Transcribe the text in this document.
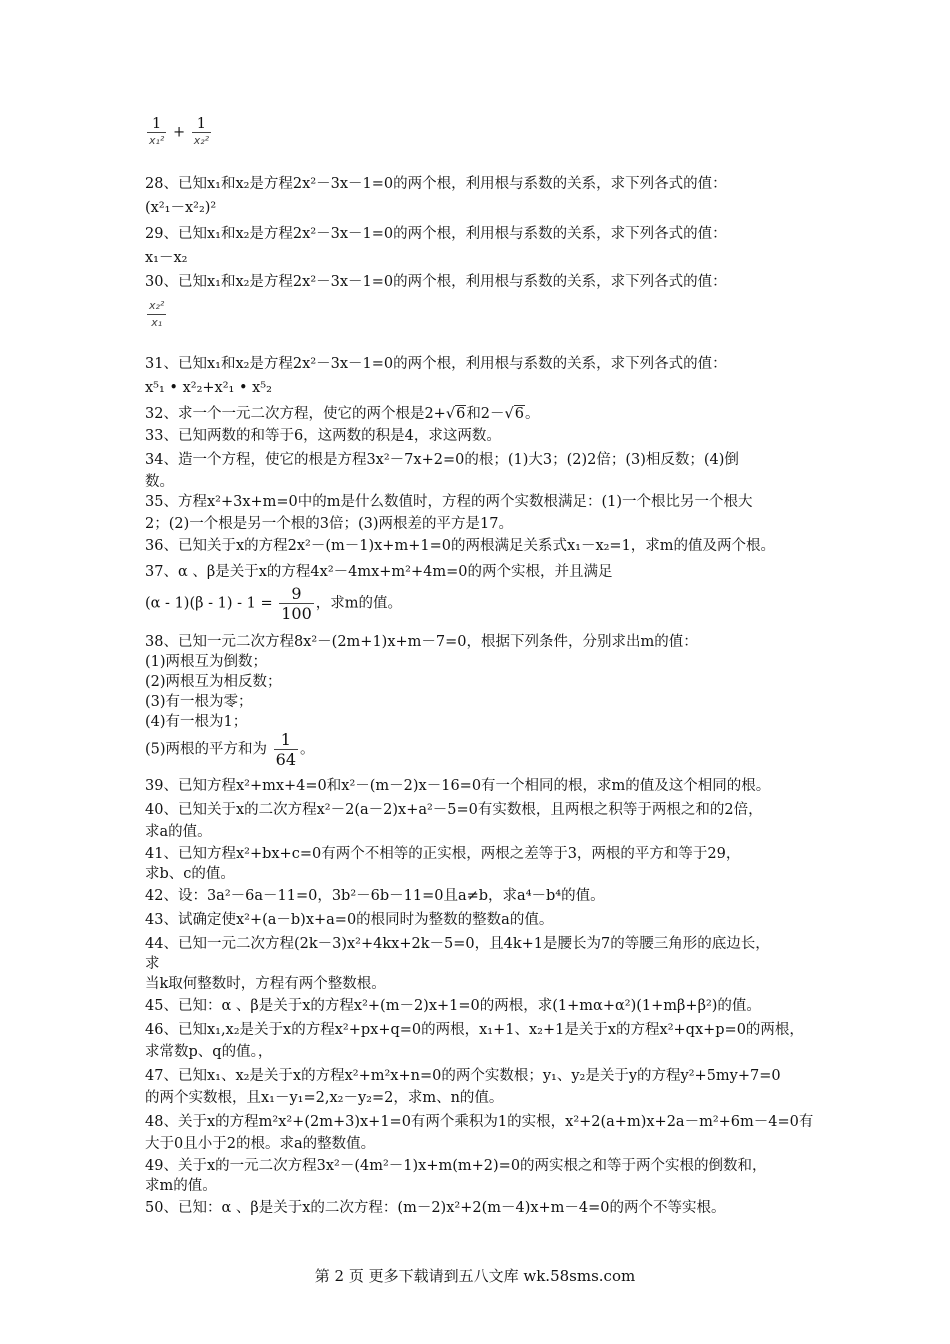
$\frac{1}{\text{x₁²}} + \frac{1}{\text{x₂²}}$
28、已知x₁和x₂是方程2x²－3x－1=0的两个根，利用根与系数的关系，求下列各式的值：
(x²₁－x²₂)²
29、已知x₁和x₂是方程2x²－3x－1=0的两个根，利用根与系数的关系，求下列各式的值：
x₁－x₂
30、已知x₁和x₂是方程2x²－3x－1=0的两个根，利用根与系数的关系，求下列各式的值：
$\frac{\text{x₂²}}{\text{x₁}}$
31、已知x₁和x₂是方程2x²－3x－1=0的两个根，利用根与系数的关系，求下列各式的值：
x⁵₁ • x²₂+x²₁ • x⁵₂
32、求一个一元二次方程，使它的两个根是2+√6和2－√6。
33、已知两数的和等于6，这两数的积是4，求这两数。
34、造一个方程，使它的根是方程3x²－7x+2=0的根；(1)大3；(2)2倍；(3)相反数；(4)倒
数。
35、方程x²+3x+m=0中的m是什么数值时，方程的两个实数根满足：(1)一个根比另一个根大
2；(2)一个根是另一个根的3倍；(3)两根差的平方是17。
36、已知关于x的方程2x²－(m－1)x+m+1=0的两根满足关系式x₁－x₂=1，求m的值及两个根。
37、α 、β是关于x的方程4x²－4mx+m²+4m=0的两个实根，并且满足
$(\alpha - 1)(\beta - 1) - 1 = \frac{9}{100}$ ，求m的值。
38、已知一元二次方程8x²－(2m+1)x+m－7=0，根据下列条件，分别求出m的值：
(1)两根互为倒数；
(2)两根互为相反数；
(3)有一根为零；
(4)有一根为1；
(5)两根的平方和为 $\frac{1}{64}$ 。
39、已知方程x²+mx+4=0和x²－(m－2)x－16=0有一个相同的根，求m的值及这个相同的根。
40、已知关于x的二次方程x²－2(a－2)x+a²－5=0有实数根，且两根之积等于两根之和的2倍，
求a的值。
41、已知方程x²+bx+c=0有两个不相等的正实根，两根之差等于3，两根的平方和等于29，
求b、c的值。
42、设：3a²－6a－11=0，3b²－6b－11=0且a≠b，求a⁴－b⁴的值。
43、试确定使x²+(a－b)x+a=0的根同时为整数的整数a的值。
44、已知一元二次方程(2k－3)x²+4kx+2k－5=0，且4k+1是腰长为7的等腰三角形的底边长，
求
当k取何整数时，方程有两个整数根。
45、已知：α 、β是关于x的方程x²+(m－2)x+1=0的两根，求(1+mα+α²)(1+mβ+β²)的值。
46、已知x₁,x₂是关于x的方程x²+px+q=0的两根，x₁+1、x₂+1是关于x的方程x²+qx+p=0的两根，
求常数p、q的值。，
47、已知x₁、x₂是关于x的方程x²+m²x+n=0的两个实数根；y₁、y₂是关于y的方程y²+5my+7=0
的两个实数根，且x₁－y₁=2,x₂－y₂=2，求m、n的值。
48、关于x的方程m²x²+(2m+3)x+1=0有两个乘积为1的实根，x²+2(a+m)x+2a－m²+6m－4=0有
大于0且小于2的根。求a的整数值。
49、关于x的一元二次方程3x²－(4m²－1)x+m(m+2)=0的两实根之和等于两个实根的倒数和，
求m的值。
50、已知：α 、β是关于x的二次方程：(m－2)x²+2(m－4)x+m－4=0的两个不等实根。
第 2 页 更多下载请到五八文库 wk.58sms.com
